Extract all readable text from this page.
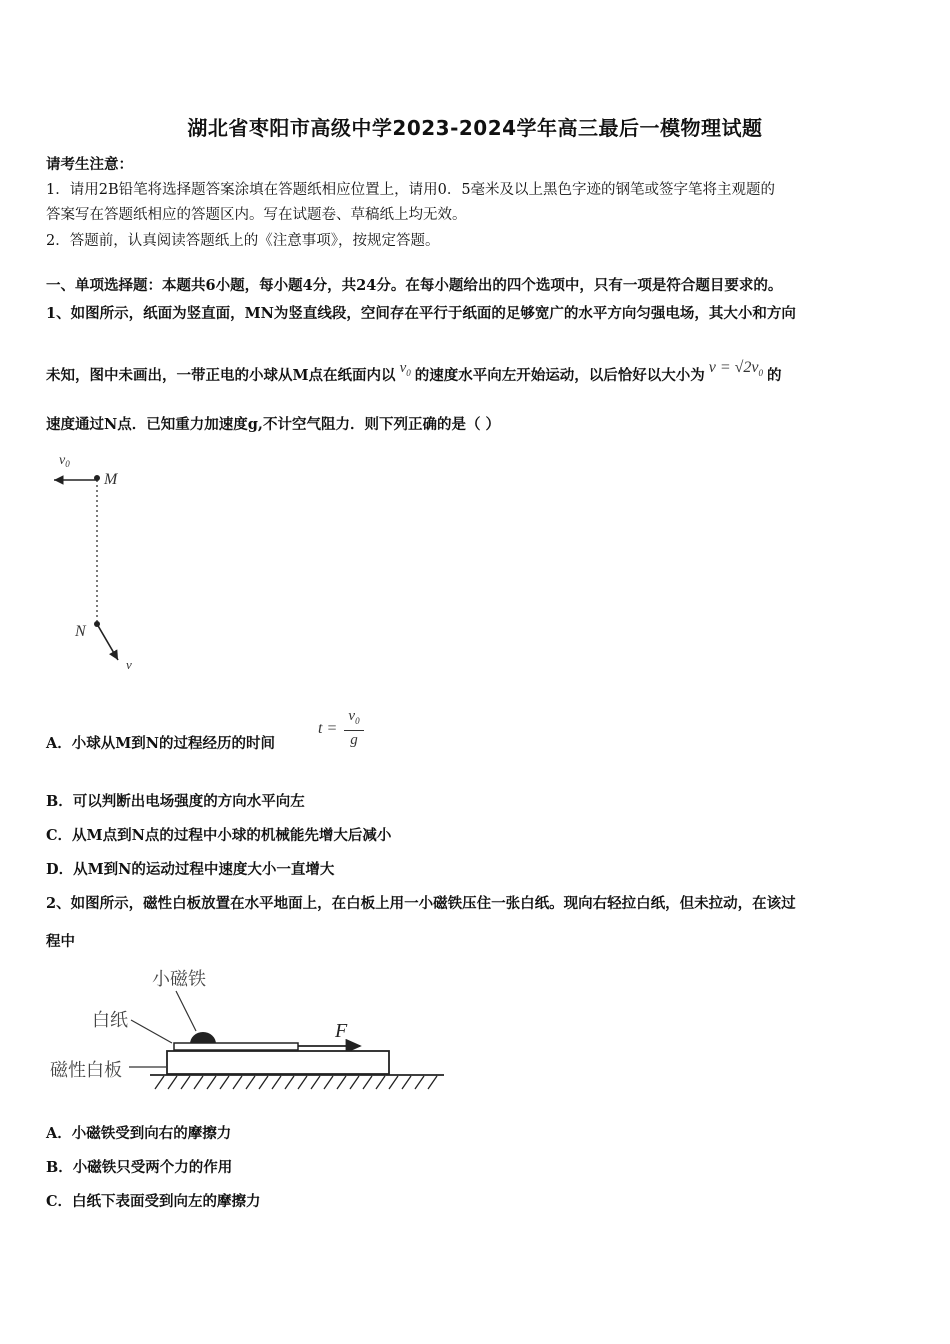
湖北省枣阳市高级中学2023-2024学年高三最后一模物理试题
请考生注意：
1．请用2B铅笔将选择题答案涂填在答题纸相应位置上，请用0．5毫米及以上黑色字迹的钢笔或签字笔将主观题的
答案写在答题纸相应的答题区内。写在试题卷、草稿纸上均无效。
2．答题前，认真阅读答题纸上的《注意事项》，按规定答题。
一、单项选择题：本题共6小题，每小题4分，共24分。在每小题给出的四个选项中，只有一项是符合题目要求的。
1、如图所示，纸面为竖直面，MN为竖直线段，空间存在平行于纸面的足够宽广的水平方向匀强电场，其大小和方向
未知，图中未画出，一带正电的小球从M点在纸面内以 $v_0$ 的速度水平向左开始运动，以后恰好以大小为 $v = √2v_0$ 的
速度通过N点．已知重力加速度g,不计空气阻力．则下列正确的是（ ）
$v_0$
M
N
v
A．小球从M到N的过程经历的时间
t =
$v_0$
g
B．可以判断出电场强度的方向水平向左
C．从M点到N点的过程中小球的机械能先增大后减小
D．从M到N的运动过程中速度大小一直增大
2、如图所示，磁性白板放置在水平地面上，在白板上用一小磁铁压住一张白纸。现向右轻拉白纸，但未拉动，在该过
程中
小磁铁
白纸
磁性白板
F
A．小磁铁受到向右的摩擦力
B．小磁铁只受两个力的作用
C．白纸下表面受到向左的摩擦力
